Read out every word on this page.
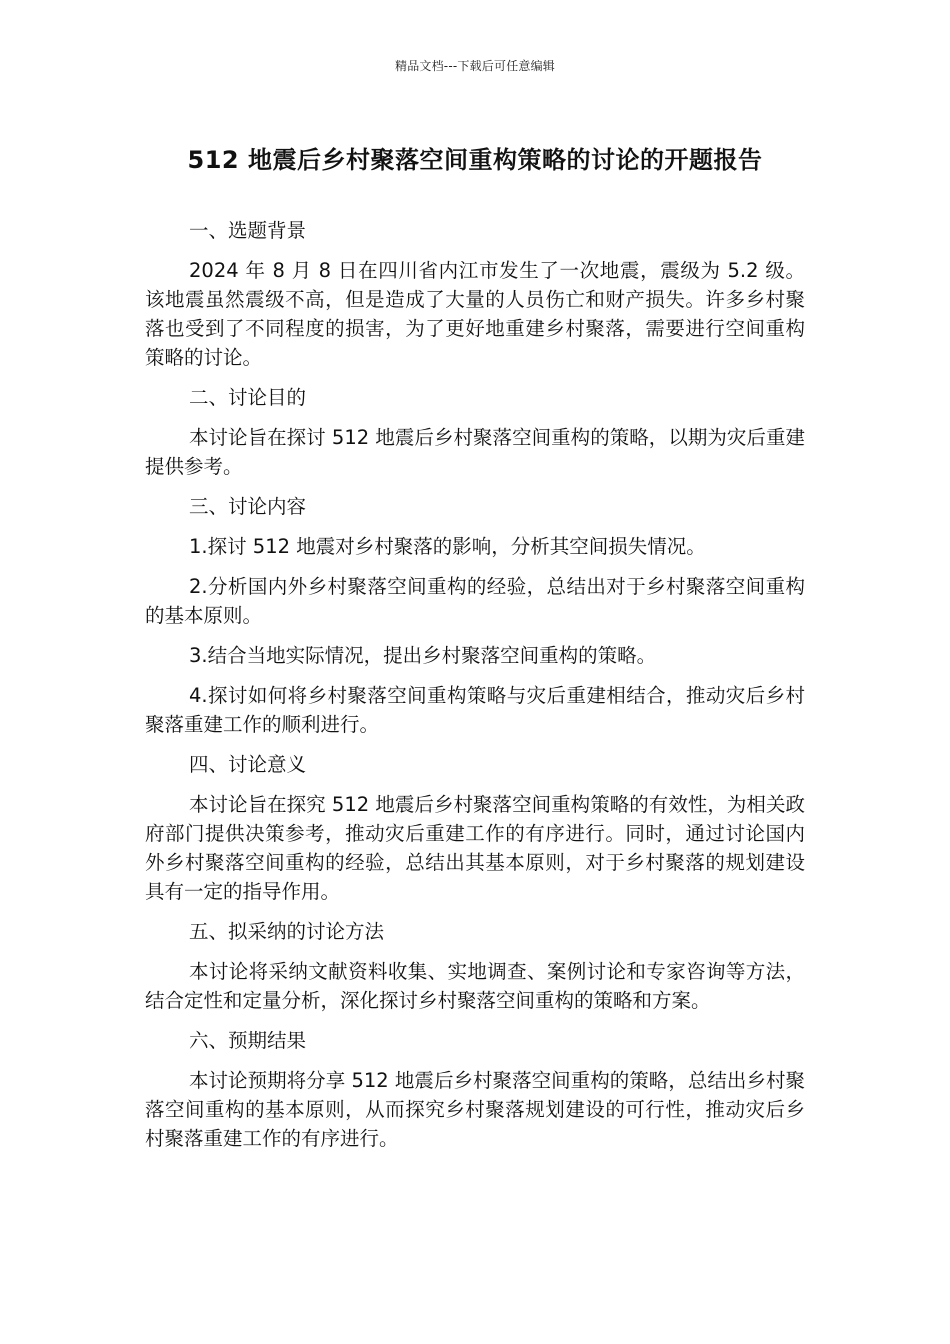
精品文档---下载后可任意编辑
512 地震后乡村聚落空间重构策略的讨论的开题报告

一、选题背景

2024 年 8 月 8 日在四川省内江市发生了一次地震，震级为 5.2 级。该地震虽然震级不高，但是造成了大量的人员伤亡和财产损失。许多乡村聚落也受到了不同程度的损害，为了更好地重建乡村聚落，需要进行空间重构策略的讨论。

二、讨论目的

本讨论旨在探讨 512 地震后乡村聚落空间重构的策略，以期为灾后重建提供参考。

三、讨论内容

1.探讨 512 地震对乡村聚落的影响，分析其空间损失情况。

2.分析国内外乡村聚落空间重构的经验，总结出对于乡村聚落空间重构的基本原则。

3.结合当地实际情况，提出乡村聚落空间重构的策略。

4.探讨如何将乡村聚落空间重构策略与灾后重建相结合，推动灾后乡村聚落重建工作的顺利进行。

四、讨论意义

本讨论旨在探究 512 地震后乡村聚落空间重构策略的有效性，为相关政府部门提供决策参考，推动灾后重建工作的有序进行。同时，通过讨论国内外乡村聚落空间重构的经验，总结出其基本原则，对于乡村聚落的规划建设具有一定的指导作用。

五、拟采纳的讨论方法

本讨论将采纳文献资料收集、实地调查、案例讨论和专家咨询等方法，结合定性和定量分析，深化探讨乡村聚落空间重构的策略和方案。

六、预期结果

本讨论预期将分享 512 地震后乡村聚落空间重构的策略，总结出乡村聚落空间重构的基本原则，从而探究乡村聚落规划建设的可行性，推动灾后乡村聚落重建工作的有序进行。
